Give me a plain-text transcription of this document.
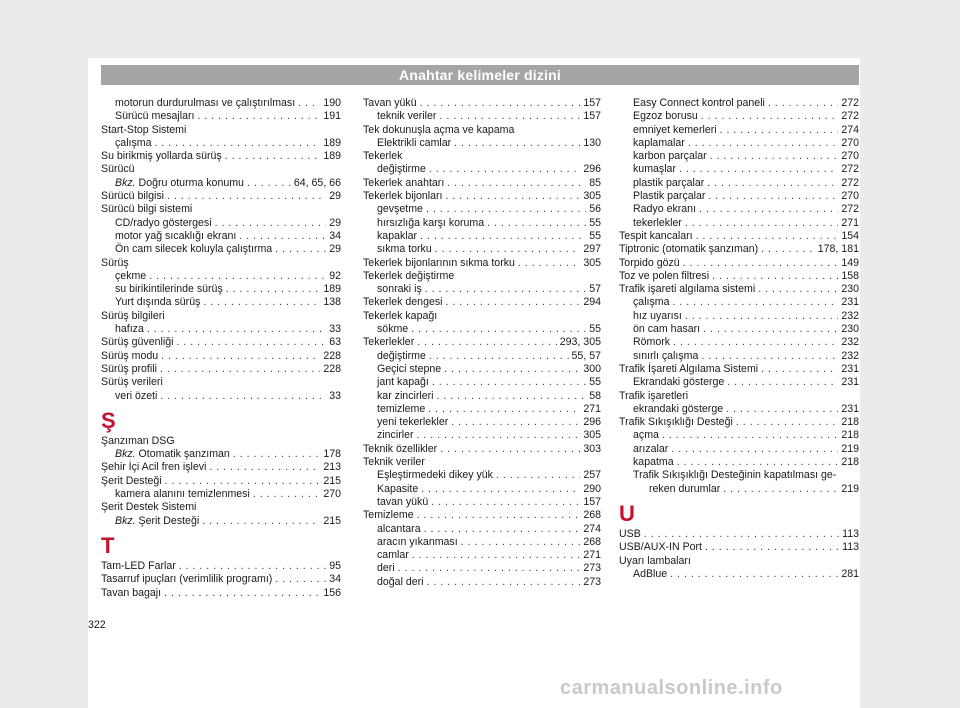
Anahtar kelimeler dizini
motorun durdurulması ve çalıştırılması . . .	190
Sürücü mesajları . . .	191
Start-Stop Sistemi
çalışma . . .	189
Su birikmiş yollarda sürüş . . .	189
Sürücü
Bkz. Doğru oturma konumu . . .	64, 65, 66
Sürücü bilgisi . . .	29
Sürücü bilgi sistemi
CD/radyo göstergesi . . .	29
motor yağ sıcaklığı ekranı . . .	34
Ön cam silecek koluyla çalıştırma . . .	29
Sürüş
çekme . . .	92
su birikintilerinde sürüş . . .	189
Yurt dışında sürüş . . .	138
Sürüş bilgileri
hafıza . . .	33
Sürüş güvenliği . . .	63
Sürüş modu . . .	228
Sürüş profili . . .	228
Sürüş verileri
veri özeti . . .	33
Ş
Şanzıman DSG
Bkz. Otomatik şanzıman . . .	178
Şehir İçi Acil fren işlevi . . .	213
Şerit Desteği . . .	215
kamera alanını temizlenmesi . . .	270
Şerit Destek Sistemi
Bkz. Şerit Desteği . . .	215
T
Tam-LED Farlar . . .	95
Tasarruf ipuçları (verimlilik programı) . . .	34
Tavan bagajı . . .	156
Tavan yükü . . .	157
teknik veriler . . .	157
Tek dokunuşla açma ve kapama
Elektrikli camlar . . .	130
Tekerlek
değiştirme . . .	296
Tekerlek anahtarı . . .	85
Tekerlek bijonları . . .	305
gevşetme . . .	56
hırsızlığa karşı koruma . . .	55
kapaklar . . .	55
sıkma torku . . .	297
Tekerlek bijonlarının sıkma torku . . .	305
Tekerlek değiştirme
sonraki iş . . .	57
Tekerlek dengesi . . .	294
Tekerlek kapağı
sökme . . .	55
Tekerlekler . . .	293, 305
değiştirme . . .	55, 57
Geçici stepne . . .	300
jant kapağı . . .	55
kar zincirleri . . .	58
temizleme . . .	271
yeni tekerlekler . . .	296
zincirler . . .	305
Teknik özellikler . . .	303
Teknik veriler
Eşleştirmedeki dikey yük . . .	257
Kapasite . . .	290
tavan yükü . . .	157
Temizleme . . .	268
alcantara . . .	274
aracın yıkanması . . .	268
camlar . . .	271
deri . . .	273
doğal deri . . .	273
Easy Connect kontrol paneli . . .	272
Egzoz borusu . . .	272
emniyet kemerleri . . .	274
kaplamalar . . .	270
karbon parçalar . . .	270
kumaşlar . . .	272
plastik parçalar . . .	272
Plastik parçalar . . .	270
Radyo ekranı . . .	272
tekerlekler . . .	271
Tespit kancaları . . .	154
Tiptronic (otomatik şanzıman) . . .	178, 181
Torpido gözü . . .	149
Toz ve polen filtresi . . .	158
Trafik işareti algılama sistemi . . .	230
çalışma . . .	231
hız uyarısı . . .	232
ön cam hasarı . . .	230
Römork . . .	232
sınırlı çalışma . . .	232
Trafik İşareti Algılama Sistemi . . .	231
Ekrandaki gösterge . . .	231
Trafik işaretleri
ekrandaki gösterge . . .	231
Trafik Sıkışıklığı Desteği . . .	218
açma . . .	218
arızalar . . .	219
kapatma . . .	218
Trafik Sıkışıklığı Desteğinin kapatılması ge-
reken durumlar . . .	219
U
USB . . .	113
USB/AUX-IN Port . . .	113
Uyarı lambaları
AdBlue . . .	281
322
carmanualsonline.info
